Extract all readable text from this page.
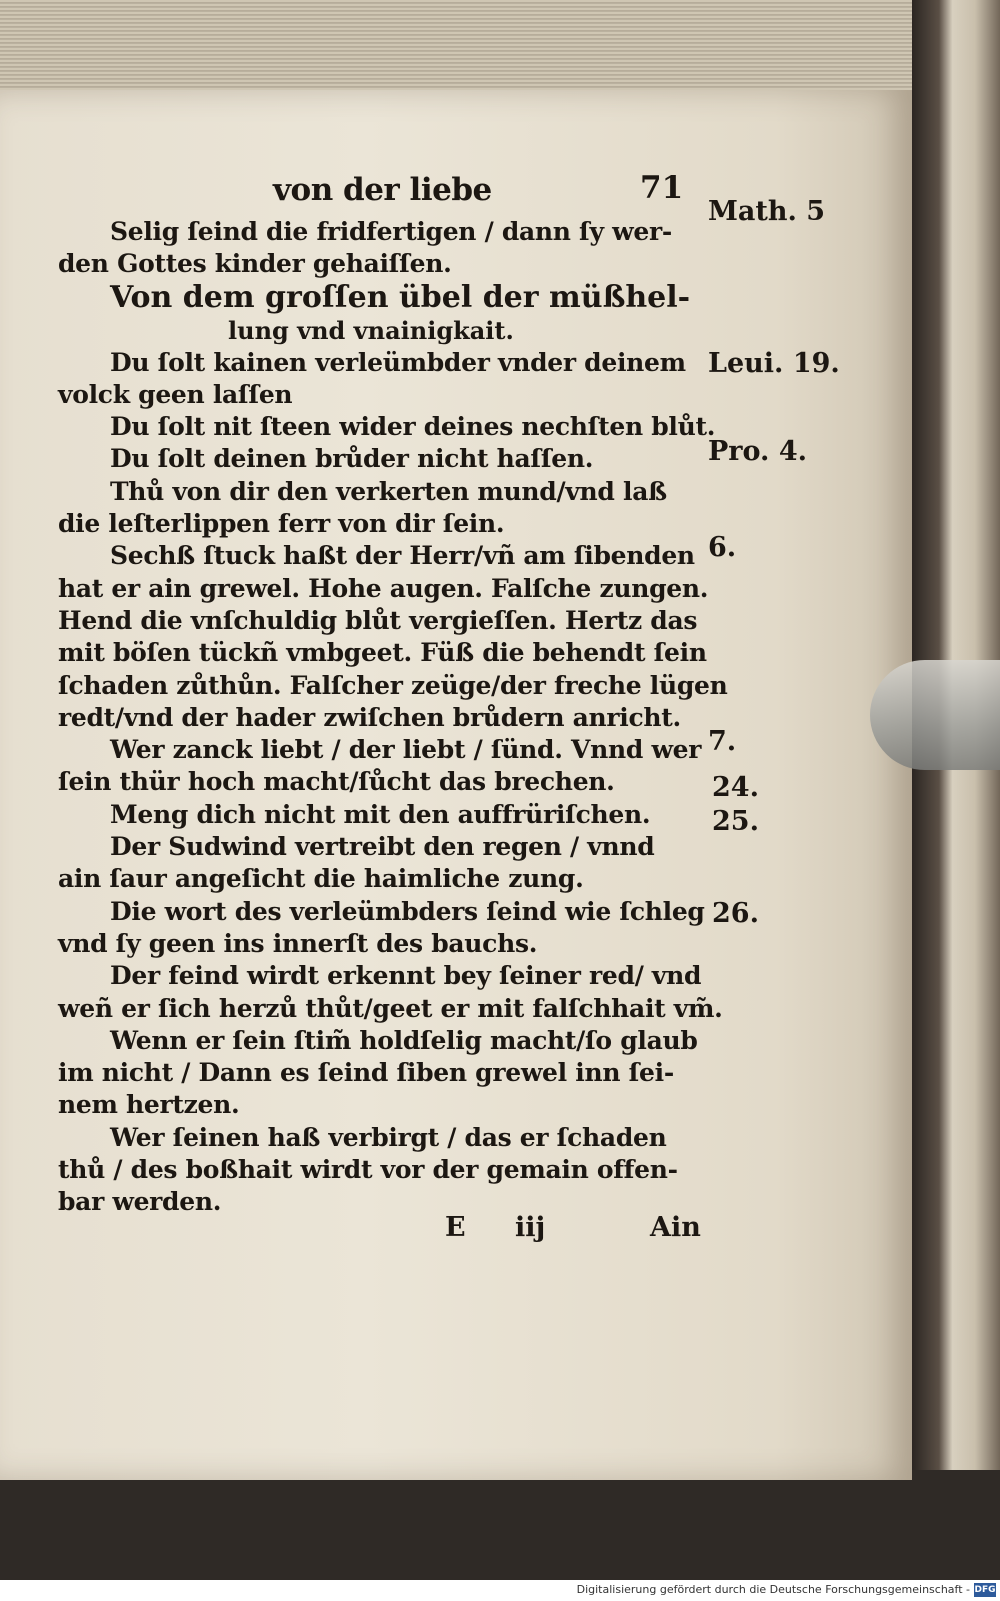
von der liebe	71
Selig ſeind die fridfertigen / dann ſy wer-
den Gottes kinder gehaiſſen.
Von dem groſſen übel der müßhel-
lung vnd vnainigkait.
Du ſolt kainen verleümbder vnder deinem
volck geen laſſen
Du ſolt nit ſteen wider deines nechſten blůt.
Du ſolt deinen brůder nicht haſſen.
Thů von dir den verkerten mund/vnd laß
die leſterlippen ferr von dir ſein.
Sechß ſtuck haßt der Herr/vñ am ſibenden
hat er ain grewel. Hohe augen. Falſche zungen.
Hend die vnſchuldig blůt vergieſſen. Hertz das
mit böſen tückñ vmbgeet. Füß die behendt ſein
ſchaden zůthůn. Falſcher zeüge/der freche lügen
redt/vnd der hader zwiſchen brůdern anricht.
Wer zanck liebt / der liebt / ſünd. Vnnd wer
ſein thür hoch macht/ſůcht das brechen.
Meng dich nicht mit den auffrüriſchen.
Der Sudwind vertreibt den regen / vnnd
ain ſaur angeſicht die haimliche zung.
Die wort des verleümbders ſeind wie ſchleg
vnd ſy geen ins innerſt des bauchs.
Der feind wirdt erkennt bey ſeiner red/ vnd
weñ er ſich herzů thůt/geet er mit falſchhait vm̃.
Wenn er ſein ſtim̃ holdſelig macht/ſo glaub
im nicht / Dann es ſeind ſiben grewel inn ſei-
nem hertzen.
Wer ſeinen haß verbirgt / das er ſchaden
thů / des boßhait wirdt vor der gemain offen-
bar werden.
Math. 5
Leui. 19.
Pro. 4.
6.
7.
24.
25.
26.
E iij	Ain
Digitalisierung gefördert durch die Deutsche Forschungsgemeinschaft - DFG
